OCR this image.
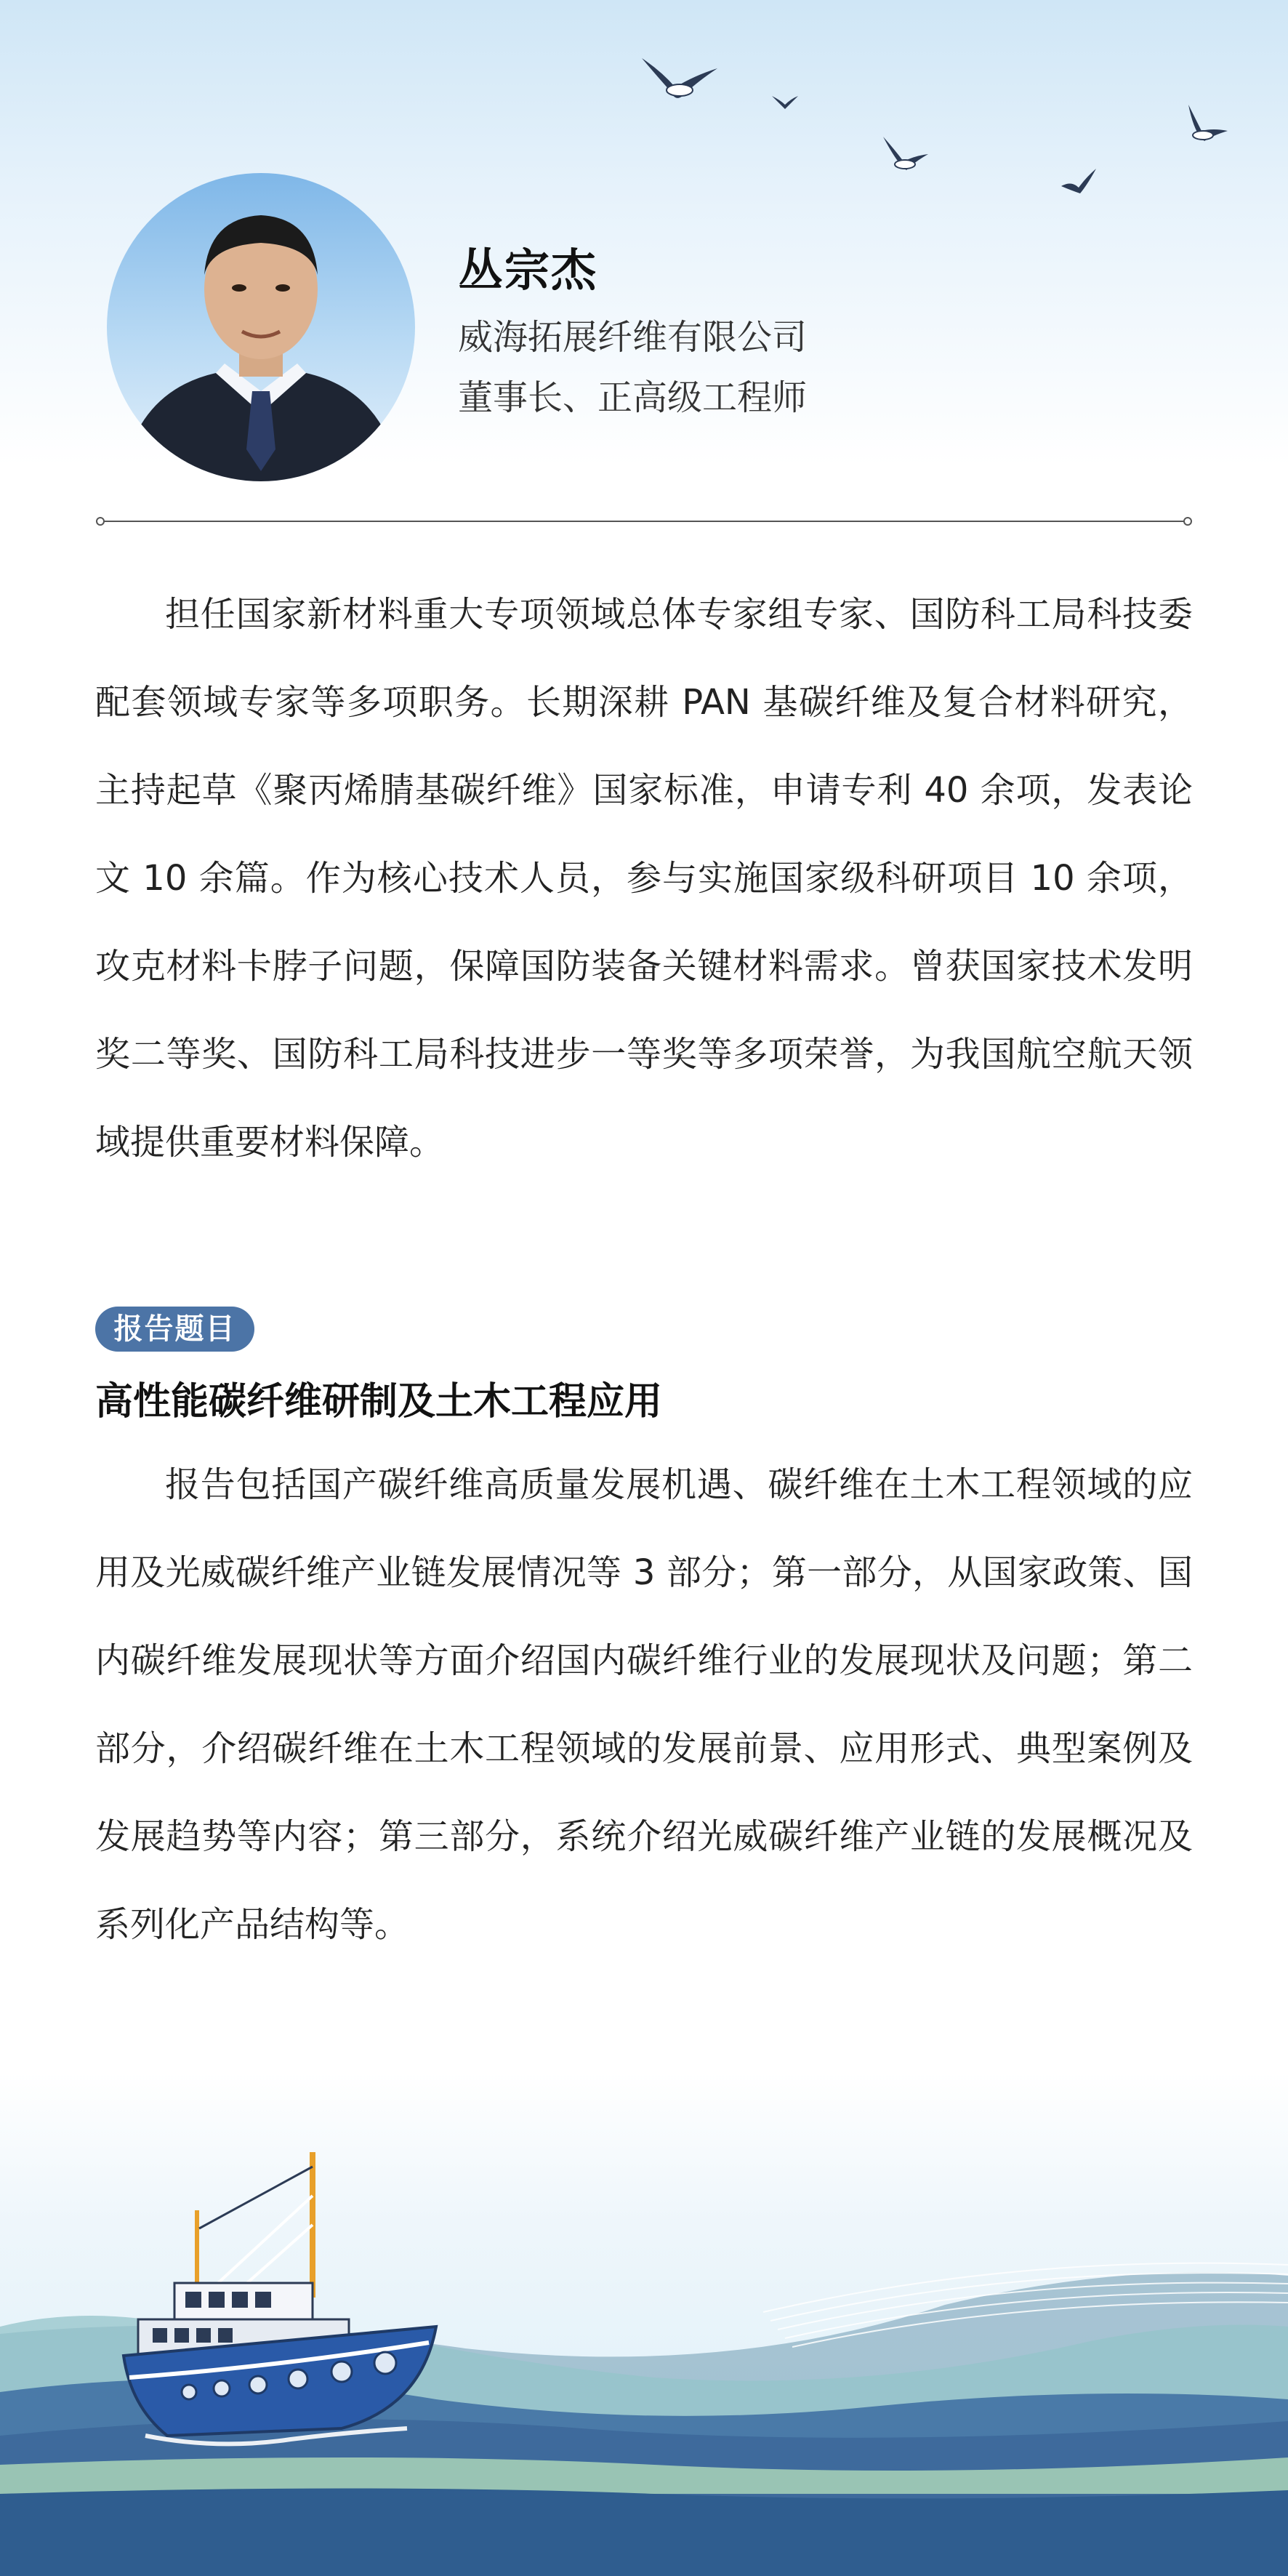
丛宗杰
威海拓展纤维有限公司
董事长、正高级工程师

担任国家新材料重大专项领域总体专家组专家、国防科工局科技委配套领域专家等多项职务。长期深耕 PAN 基碳纤维及复合材料研究，主持起草《聚丙烯腈基碳纤维》国家标准，申请专利 40 余项，发表论文 10 余篇。作为核心技术人员，参与实施国家级科研项目 10 余项，攻克材料卡脖子问题，保障国防装备关键材料需求。曾获国家技术发明奖二等奖、国防科工局科技进步一等奖等多项荣誉，为我国航空航天领域提供重要材料保障。

报告题目
高性能碳纤维研制及土木工程应用

报告包括国产碳纤维高质量发展机遇、碳纤维在土木工程领域的应用及光威碳纤维产业链发展情况等 3 部分；第一部分，从国家政策、国内碳纤维发展现状等方面介绍国内碳纤维行业的发展现状及问题；第二部分，介绍碳纤维在土木工程领域的发展前景、应用形式、典型案例及发展趋势等内容；第三部分，系统介绍光威碳纤维产业链的发展概况及系列化产品结构等。
